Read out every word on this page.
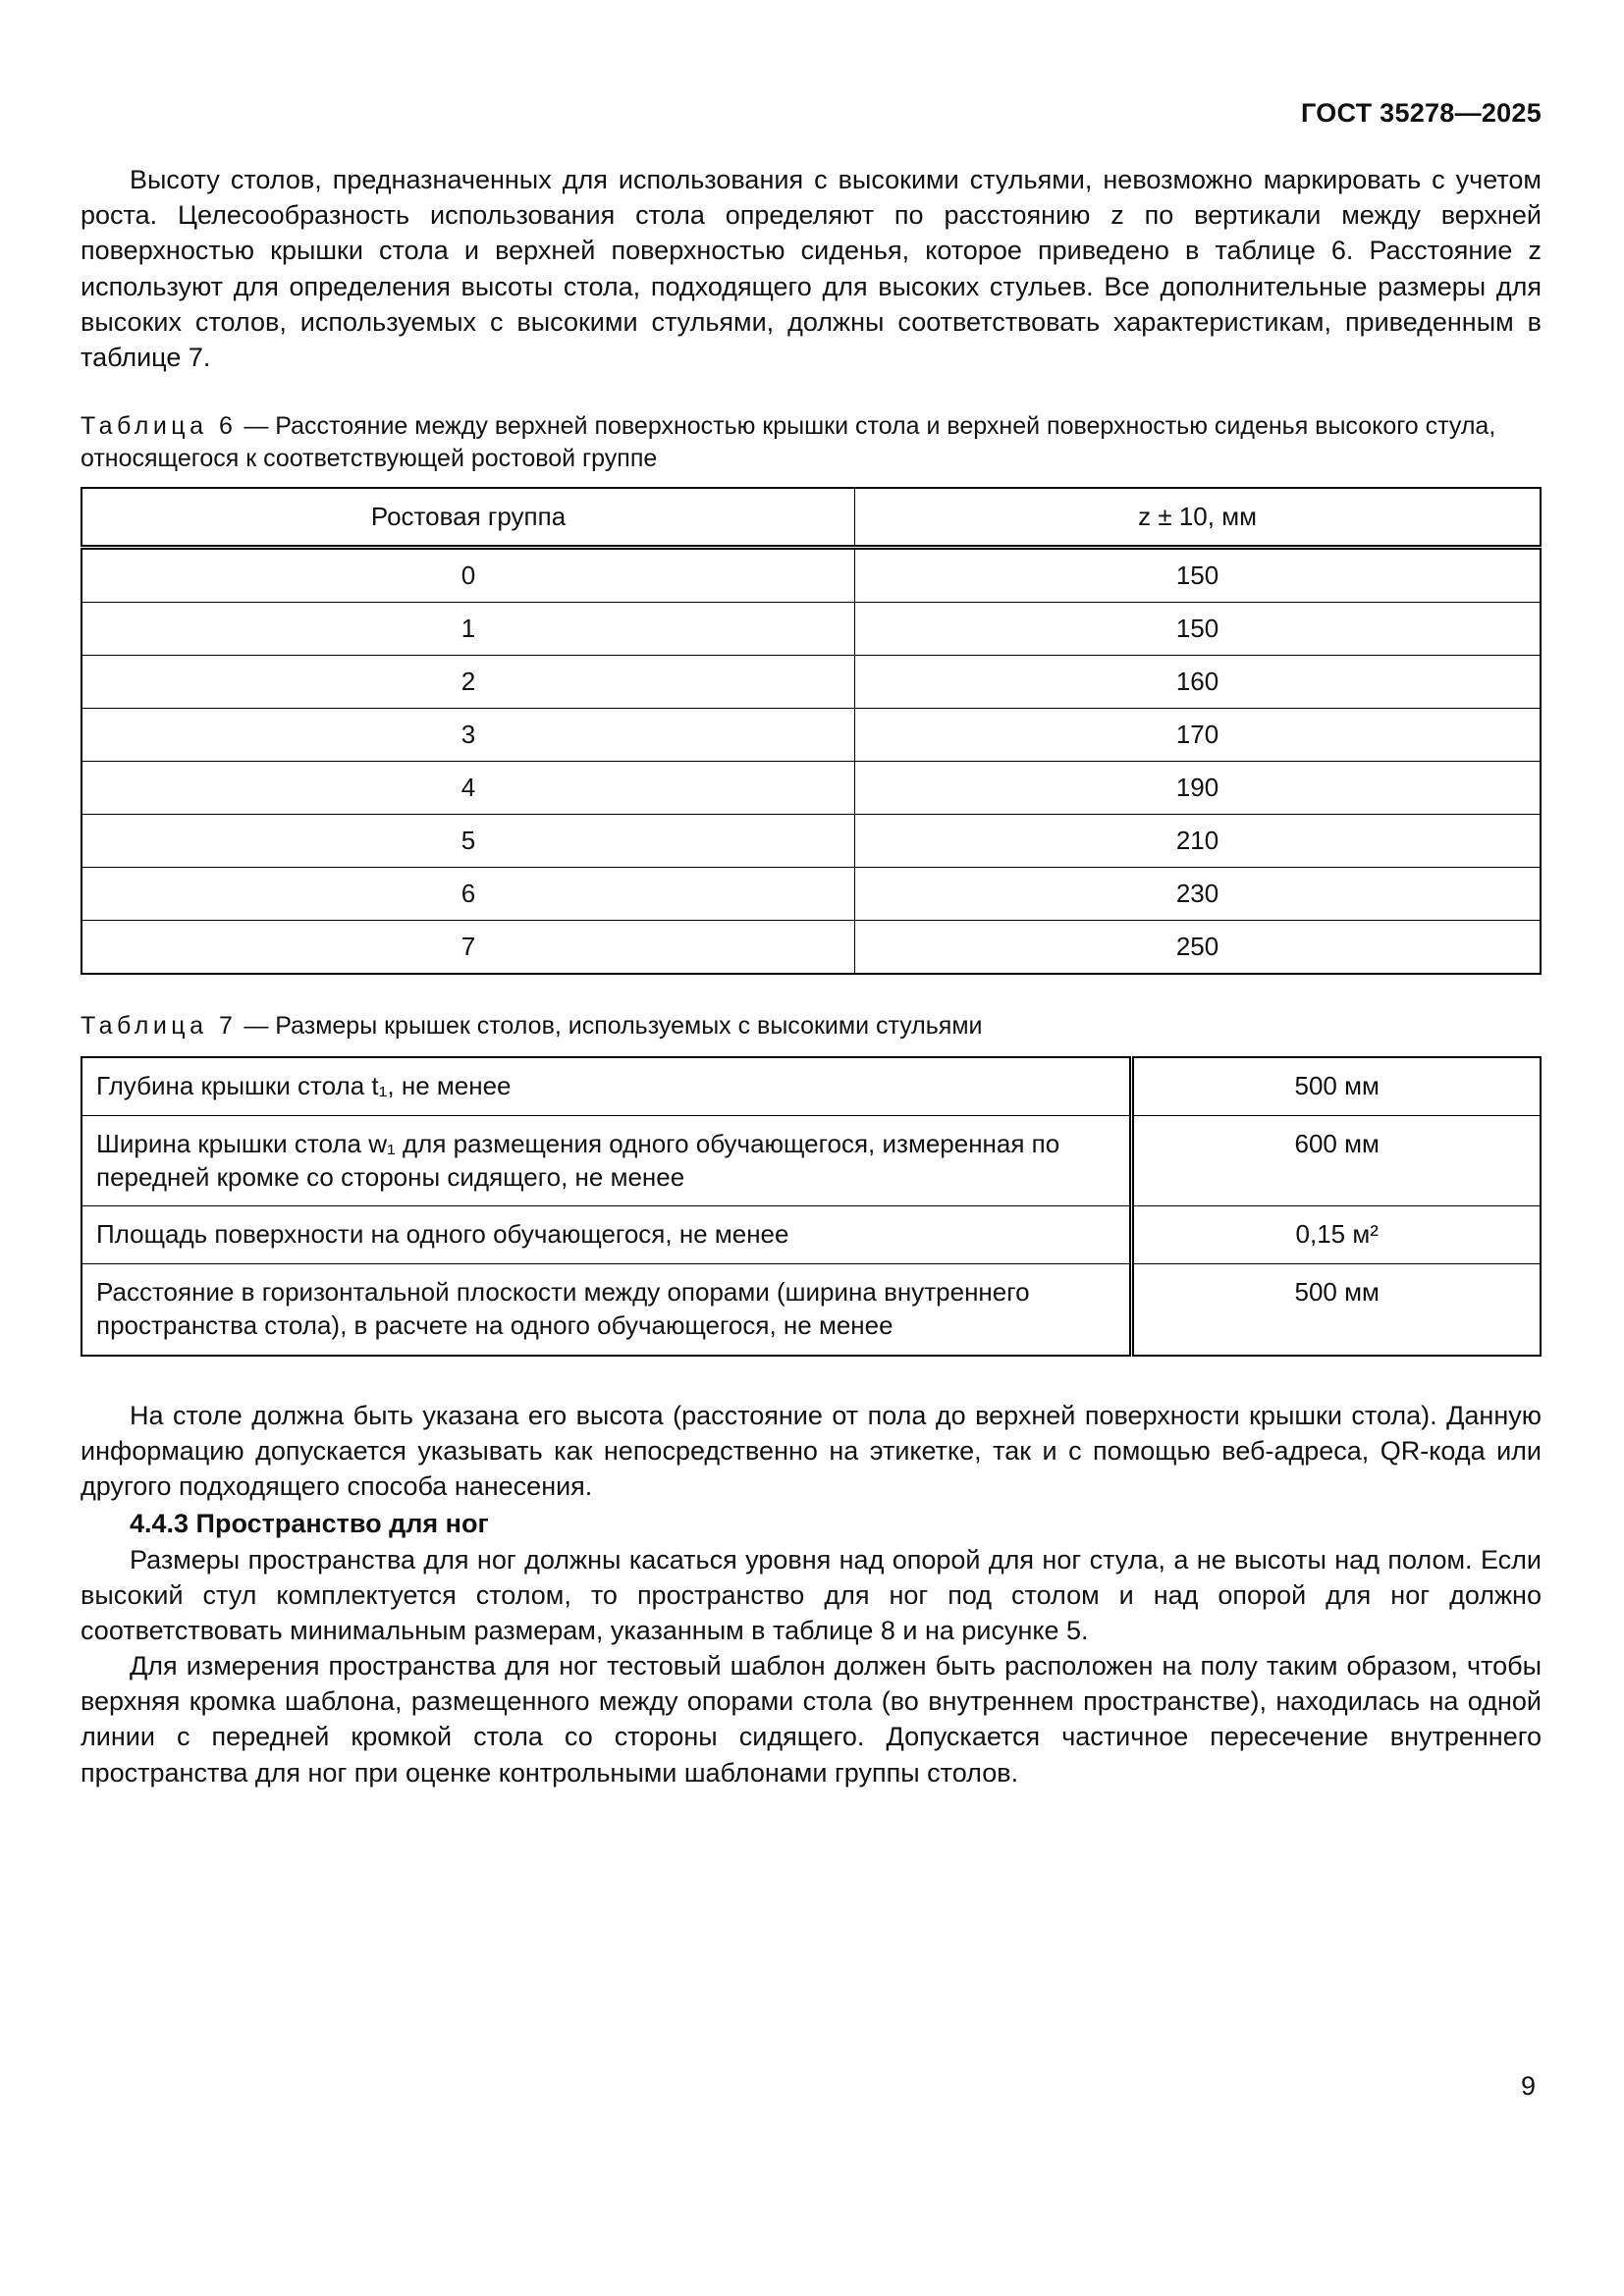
ГОСТ 35278—2025

Высоту столов, предназначенных для использования с высокими стульями, невозможно маркировать с учетом роста. Целесообразность использования стола определяют по расстоянию z по вертикали между верхней поверхностью крышки стола и верхней поверхностью сиденья, которое приведено в таблице 6. Расстояние z используют для определения высоты стола, подходящего для высоких стульев. Все дополнительные размеры для высоких столов, используемых с высокими стульями, должны соответствовать характеристикам, приведенным в таблице 7.

Таблица 6 — Расстояние между верхней поверхностью крышки стола и верхней поверхностью сиденья высокого стула, относящегося к соответствующей ростовой группе

Ростовая группа	z ± 10, мм
0	150
1	150
2	160
3	170
4	190
5	210
6	230
7	250

Таблица 7 — Размеры крышек столов, используемых с высокими стульями

Глубина крышки стола t₁, не менее	500 мм
Ширина крышки стола w₁ для размещения одного обучающегося, измеренная по передней кромке со стороны сидящего, не менее	600 мм
Площадь поверхности на одного обучающегося, не менее	0,15 м²
Расстояние в горизонтальной плоскости между опорами (ширина внутреннего пространства стола), в расчете на одного обучающегося, не менее	500 мм

На столе должна быть указана его высота (расстояние от пола до верхней поверхности крышки стола). Данную информацию допускается указывать как непосредственно на этикетке, так и с помощью веб-адреса, QR-кода или другого подходящего способа нанесения.

4.4.3 Пространство для ног

Размеры пространства для ног должны касаться уровня над опорой для ног стула, а не высоты над полом. Если высокий стул комплектуется столом, то пространство для ног под столом и над опорой для ног должно соответствовать минимальным размерам, указанным в таблице 8 и на рисунке 5.

Для измерения пространства для ног тестовый шаблон должен быть расположен на полу таким образом, чтобы верхняя кромка шаблона, размещенного между опорами стола (во внутреннем пространстве), находилась на одной линии с передней кромкой стола со стороны сидящего. Допускается частичное пересечение внутреннего пространства для ног при оценке контрольными шаблонами группы столов.

9
